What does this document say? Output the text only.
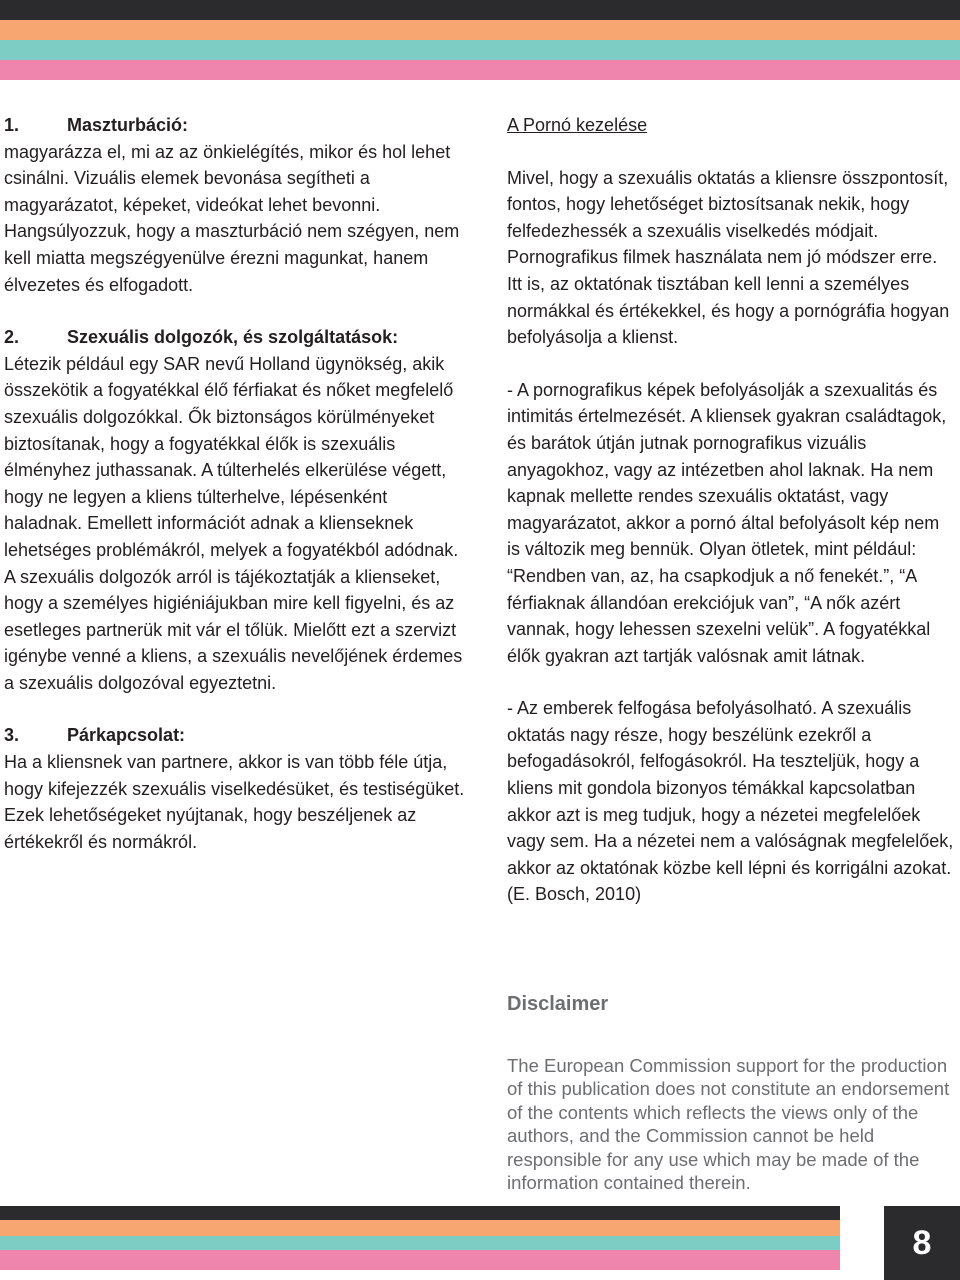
1.	Maszturbáció:

magyarázza el, mi az az önkielégítés, mikor és hol lehet csinálni. Vizuális elemek bevonása segítheti a magyarázatot, képeket, videókat lehet bevonni. Hangsúlyozzuk, hogy a maszturbáció nem szégyen, nem kell miatta megszégyenülve érezni magunkat, hanem élvezetes és elfogadott.

2.	Szexuális dolgozók, és szolgáltatások:

Létezik például egy SAR nevű Holland ügynökség, akik összekötik a fogyatékkal élő férfiakat és nőket megfelelő szexuális dolgozókkal. Ők biztonságos körülményeket biztosítanak, hogy a fogyatékkal élők is szexuális élményhez juthassanak. A túlterhelés elkerülése végett, hogy ne legyen a kliens túlterhelve, lépésenként haladnak. Emellett információt adnak a klienseknek lehetséges problémákról, melyek a fogyatékból adódnak. A szexuális dolgozók arról is tájékoztatják a klienseket, hogy a személyes higiéniájukban mire kell figyelni, és az esetleges partnerük mit vár el tőlük. Mielőtt ezt a szervizt igénybe venné a kliens, a szexuális nevelőjének érdemes a szexuális dolgozóval egyeztetni.

3.	Párkapcsolat:

Ha a kliensnek van partnere, akkor is van több féle útja, hogy kifejezzék szexuális viselkedésüket, és testiségüket. Ezek lehetőségeket nyújtanak, hogy beszéljenek az értékekről és normákról.

A Pornó kezelése

Mivel, hogy a szexuális oktatás a kliensre összpontosít, fontos, hogy lehetőséget biztosítsanak nekik, hogy felfedezhessék a szexuális viselkedés módjait. Pornografikus filmek használata nem jó módszer erre. Itt is, az oktatónak tisztában kell lenni a személyes normákkal és értékekkel, és hogy a pornógráfia hogyan befolyásolja a klienst.

- A pornografikus képek befolyásolják a szexualitás és intimitás értelmezését. A kliensek gyakran családtagok, és barátok útján jutnak pornografikus vizuális anyagokhoz, vagy az intézetben ahol laknak. Ha nem kapnak mellette rendes szexuális oktatást, vagy magyarázatot, akkor a pornó által befolyásolt kép nem is változik meg bennük. Olyan ötletek, mint például: “Rendben van, az, ha csapkodjuk a nő fenekét.”, “A férfiaknak állandóan erekciójuk van”, “A nők azért vannak, hogy lehessen szexelni velük”. A fogyatékkal élők gyakran azt tartják valósnak amit látnak.

- Az emberek felfogása befolyásolható. A szexuális oktatás nagy része, hogy beszélünk ezekről a befogadásokról, felfogásokról. Ha teszteljük, hogy a kliens mit gondola bizonyos témákkal kapcsolatban akkor azt is meg tudjuk, hogy a nézetei megfelelőek vagy sem. Ha a nézetei nem a valóságnak megfelelőek, akkor az oktatónak közbe kell lépni és korrigálni azokat. (E. Bosch, 2010)

Disclaimer

The European Commission support for the production of this publication does not constitute an endorsement of the contents which reflects the views only of the authors, and the Commission cannot be held responsible for any use which may be made of the information contained therein.

8
